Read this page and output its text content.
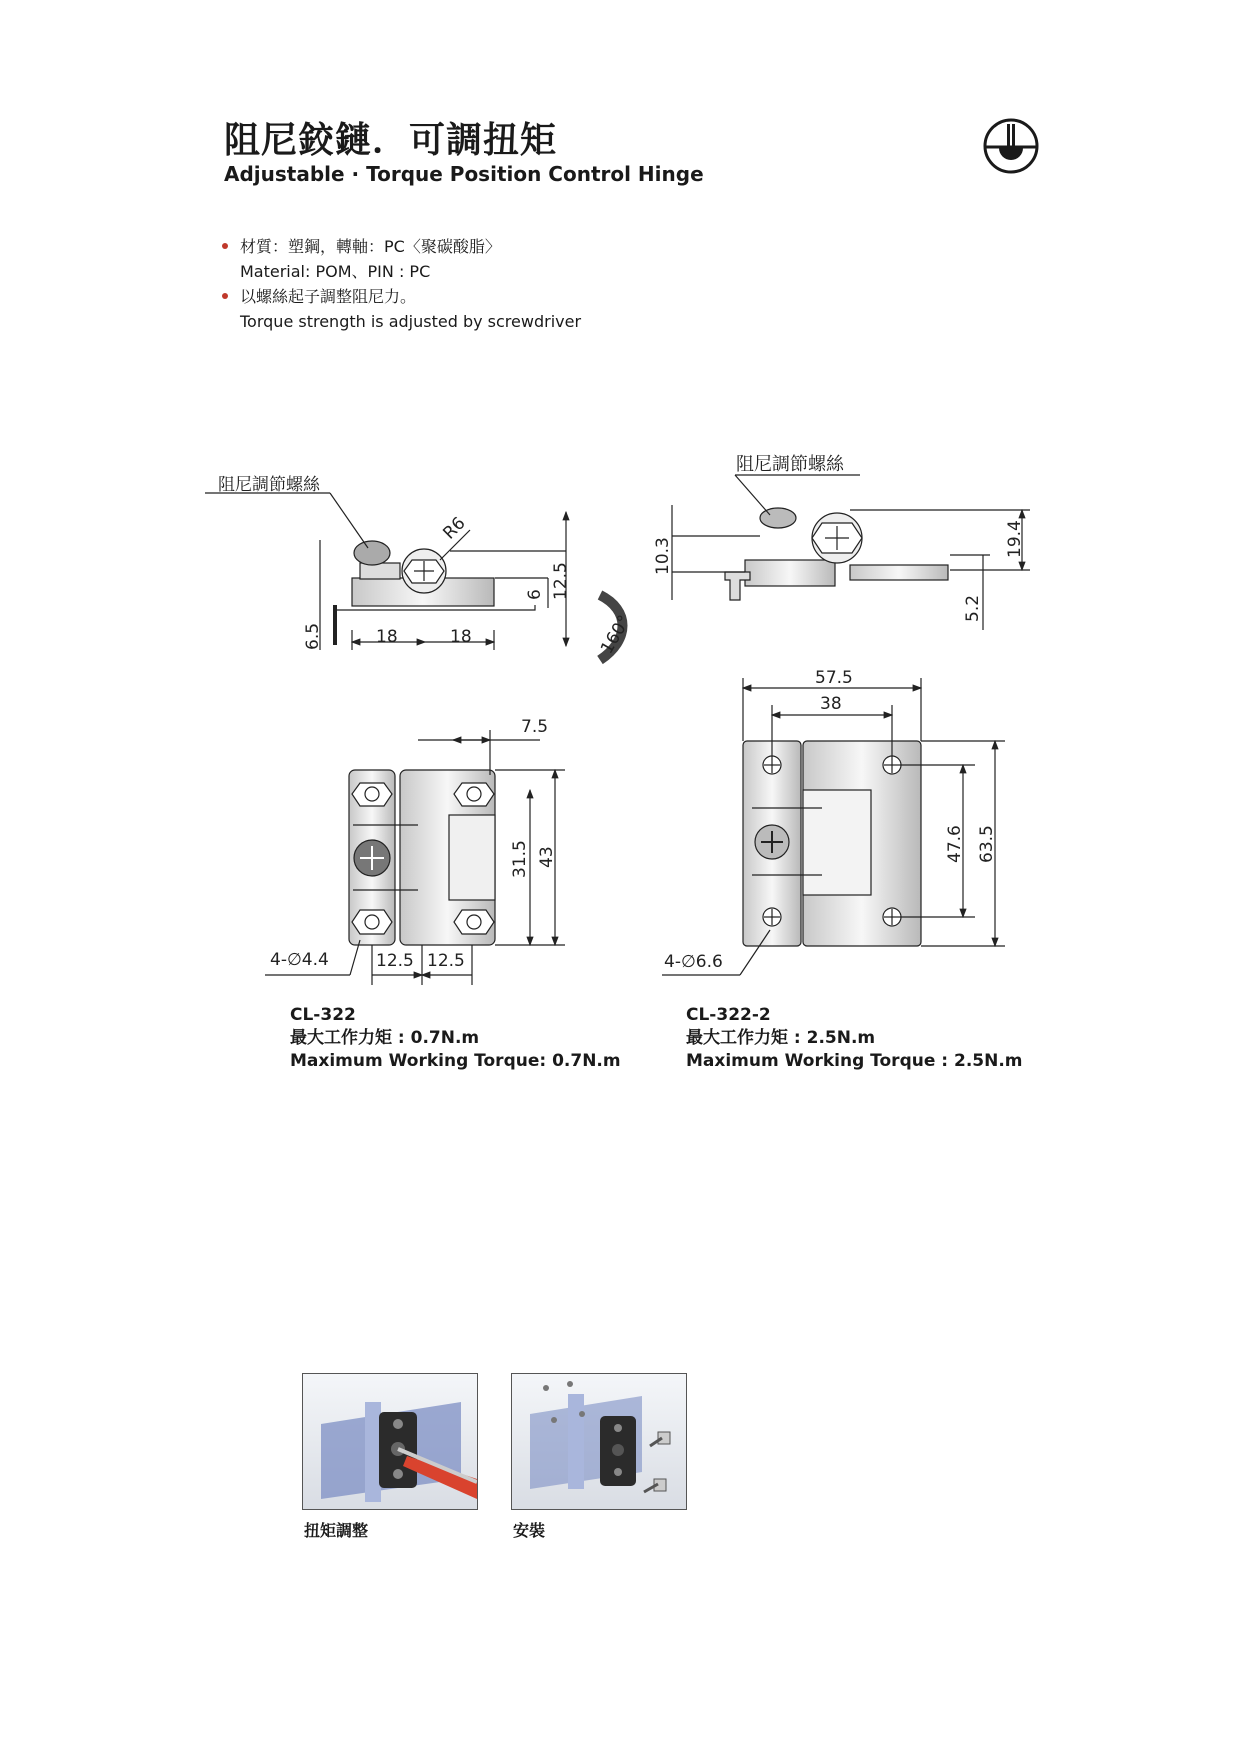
阻尼鉸鏈．可調扭矩
Adjustable · Torque Position Control Hinge
材質：塑鋼，轉軸：PC〈聚碳酸脂〉
Material: POM、PIN : PC
以螺絲起子調整阻尼力。
Torque strength is adjusted by screwdriver
阻尼調節螺絲
R6
18	18
6.5
6 12.5
160°
阻尼調節螺絲
10.3	19.4
5.2
7.5
31.5 43
4-∅4.4	12.5 12.5
57.5
38
47.6 63.5
4-∅6.6
CL-322
最大工作力矩 : 0.7N.m
Maximum Working Torque: 0.7N.m
CL-322-2
最大工作力矩 : 2.5N.m
Maximum Working Torque : 2.5N.m
扭矩調整	安裝
